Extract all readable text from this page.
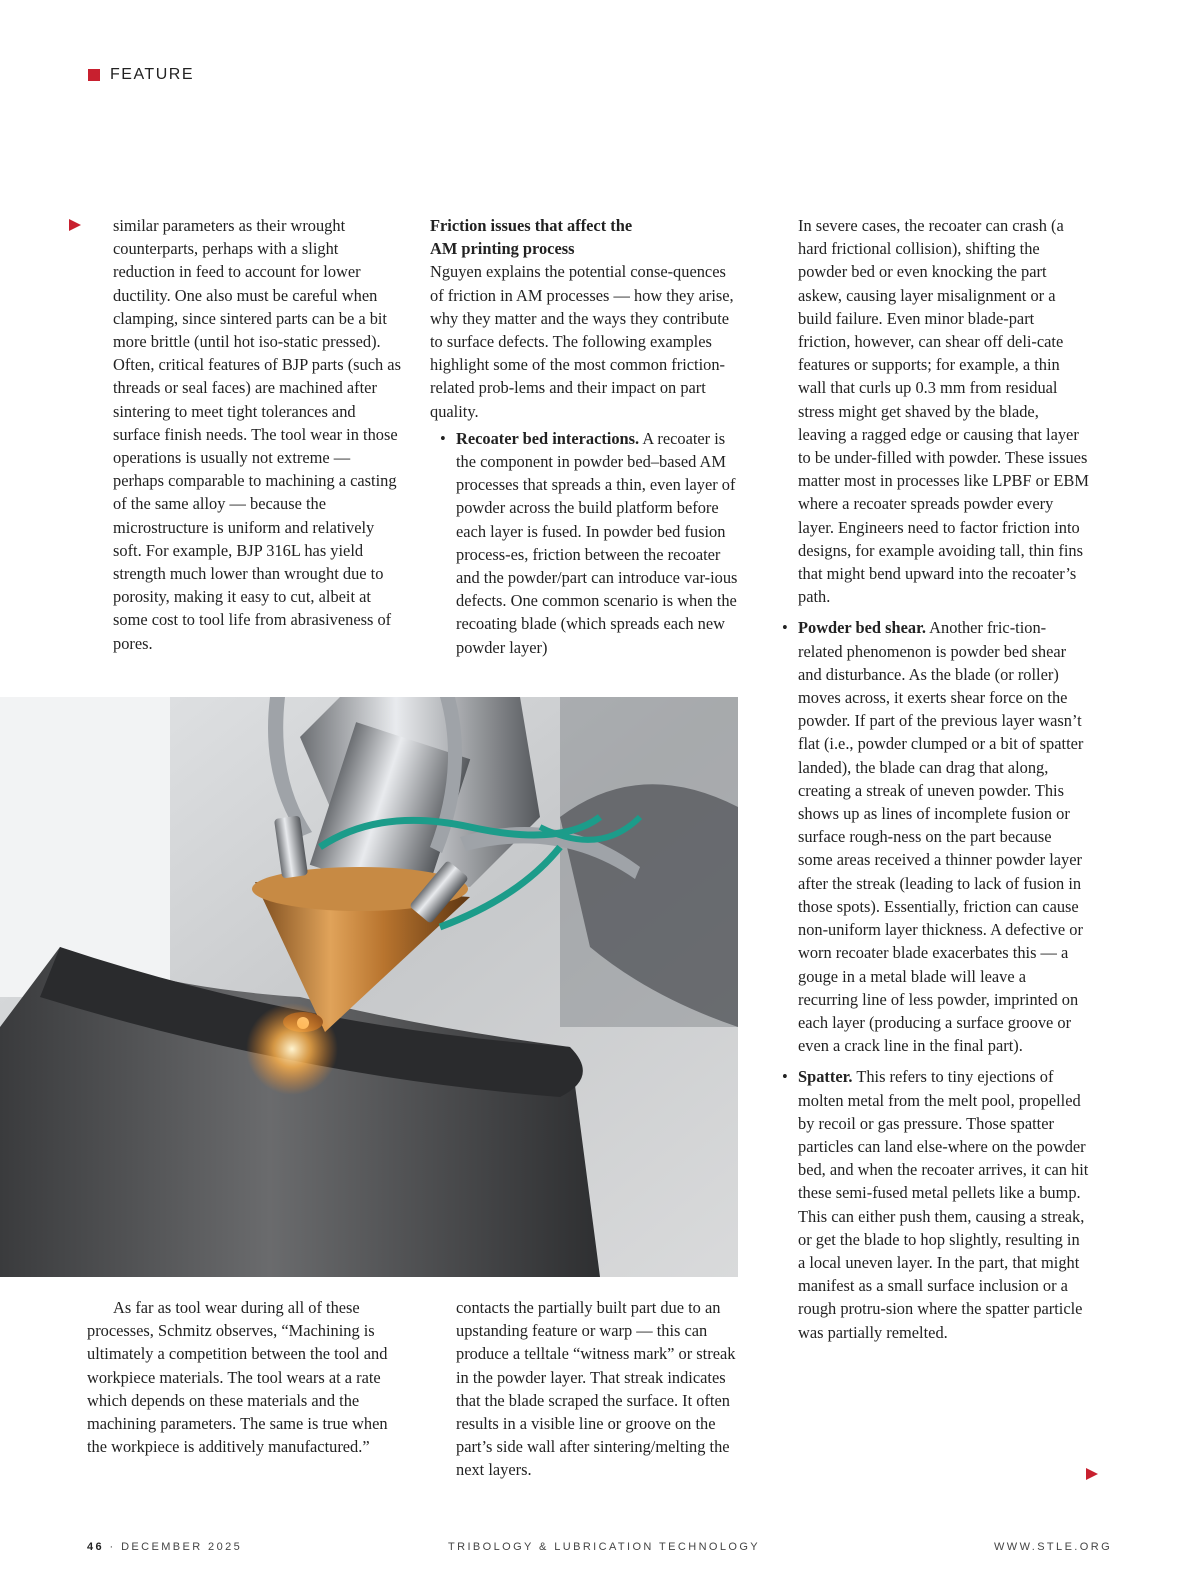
FEATURE

similar parameters as their wrought counterparts, perhaps with a slight reduction in feed to account for lower ductility. One also must be careful when clamping, since sintered parts can be a bit more brittle (until hot iso-static pressed). Often, critical features of BJP parts (such as threads or seal faces) are machined after sintering to meet tight tolerances and surface finish needs. The tool wear in those operations is usually not extreme — perhaps comparable to machining a casting of the same alloy — because the microstructure is uniform and relatively soft. For example, BJP 316L has yield strength much lower than wrought due to porosity, making it easy to cut, albeit at some cost to tool life from abrasiveness of pores.

Friction issues that affect the
AM printing process

Nguyen explains the potential conse-quences of friction in AM processes — how they arise, why they matter and the ways they contribute to surface defects. The following examples highlight some of the most common friction-related prob-lems and their impact on part quality.

• Recoater bed interactions. A recoater is the component in powder bed–based AM processes that spreads a thin, even layer of powder across the build platform before each layer is fused. In powder bed fusion process-es, friction between the recoater and the powder/part can introduce var-ious defects. One common scenario is when the recoating blade (which spreads each new powder layer)

As far as tool wear during all of these processes, Schmitz observes, “Machining is ultimately a competition between the tool and workpiece materials. The tool wears at a rate which depends on these materials and the machining parameters. The same is true when the workpiece is additively manufactured.”

contacts the partially built part due to an upstanding feature or warp — this can produce a telltale “witness mark” or streak in the powder layer. That streak indicates that the blade scraped the surface. It often results in a visible line or groove on the part’s side wall after sintering/melting the next layers.

In severe cases, the recoater can crash (a hard frictional collision), shifting the powder bed or even knocking the part askew, causing layer misalignment or a build failure. Even minor blade-part friction, however, can shear off deli-cate features or supports; for example, a thin wall that curls up 0.3 mm from residual stress might get shaved by the blade, leaving a ragged edge or causing that layer to be under-filled with powder. These issues matter most in processes like LPBF or EBM where a recoater spreads powder every layer. Engineers need to factor friction into designs, for example avoiding tall, thin fins that might bend upward into the recoater’s path.

• Powder bed shear. Another fric-tion-related phenomenon is powder bed shear and disturbance. As the blade (or roller) moves across, it exerts shear force on the powder. If part of the previous layer wasn’t flat (i.e., powder clumped or a bit of spatter landed), the blade can drag that along, creating a streak of uneven powder. This shows up as lines of incomplete fusion or surface rough-ness on the part because some areas received a thinner powder layer after the streak (leading to lack of fusion in those spots). Essentially, friction can cause non-uniform layer thickness. A defective or worn recoater blade exacerbates this — a gouge in a metal blade will leave a recurring line of less powder, imprinted on each layer (producing a surface groove or even a crack line in the final part).

• Spatter. This refers to tiny ejections of molten metal from the melt pool, propelled by recoil or gas pressure. Those spatter particles can land else-where on the powder bed, and when the recoater arrives, it can hit these semi-fused metal pellets like a bump. This can either push them, causing a streak, or get the blade to hop slightly, resulting in a local uneven layer. In the part, that might manifest as a small surface inclusion or a rough protru-sion where the spatter particle was partially remelted.

46 · DECEMBER 2025	TRIBOLOGY & LUBRICATION TECHNOLOGY	WWW.STLE.ORG
